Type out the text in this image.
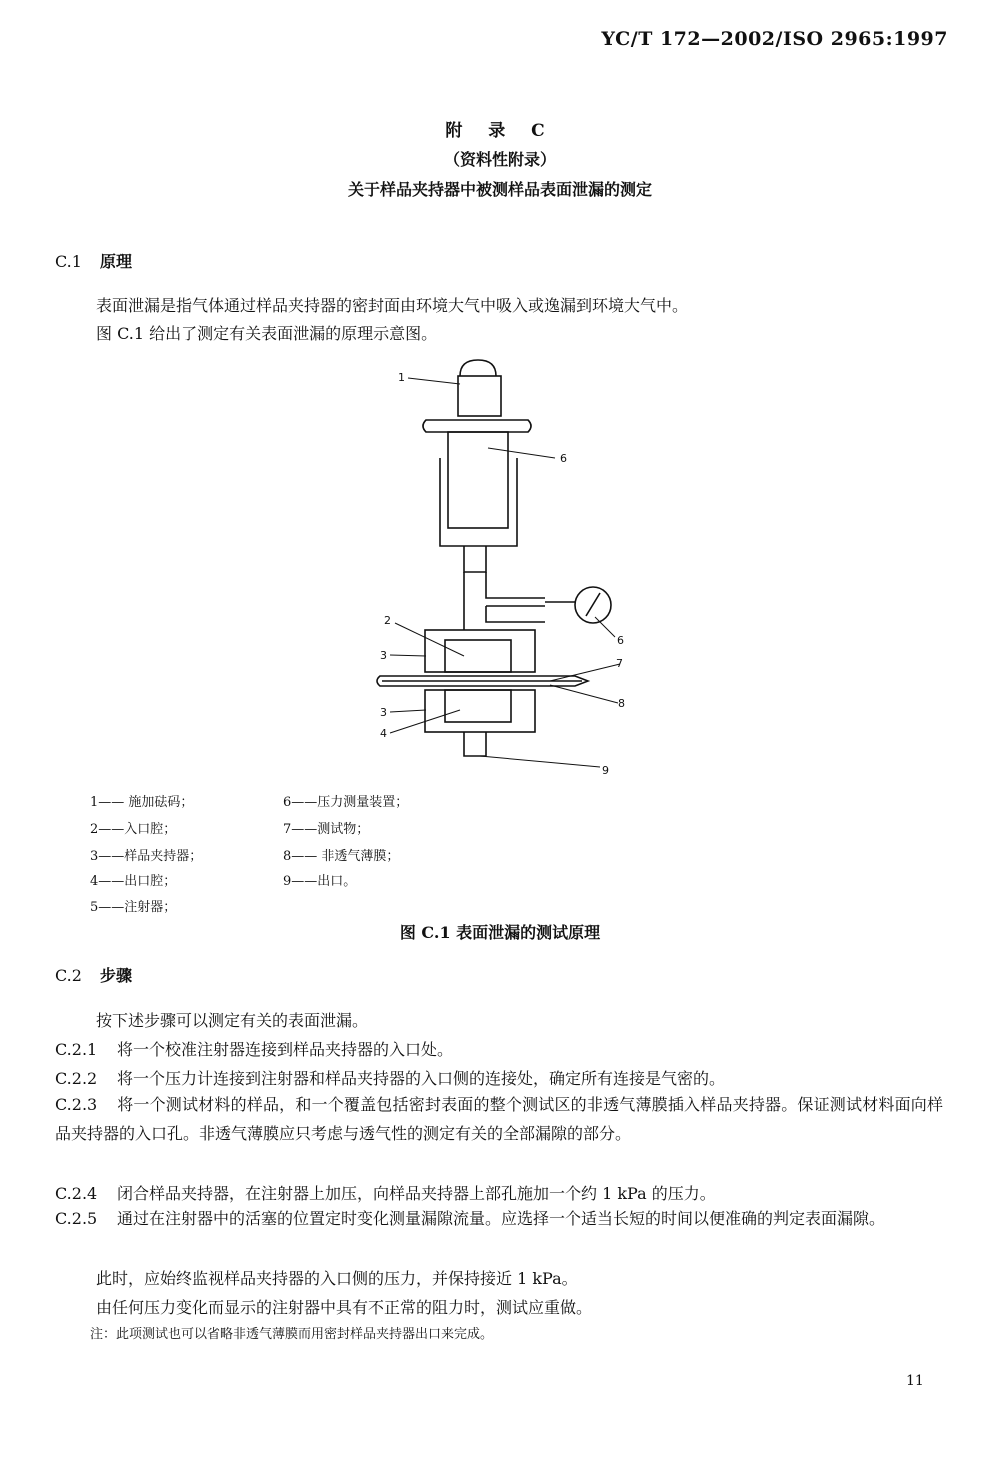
YC/T 172—2002/ISO 2965:1997
附 录 C
（资料性附录）
关于样品夹持器中被测样品表面泄漏的测定
C.1 原理
表面泄漏是指气体通过样品夹持器的密封面由环境大气中吸入或逸漏到环境大气中。
图 C.1 给出了测定有关表面泄漏的原理示意图。
1
6
6
2
3
7
8
3
4
9
1—— 施加砝码；
2——入口腔；
3——样品夹持器；
4——出口腔；
5——注射器；
6——压力测量装置；
7——测试物；
8—— 非透气薄膜；
9——出口。
图 C.1 表面泄漏的测试原理
C.2 步骤
按下述步骤可以测定有关的表面泄漏。
C.2.1 将一个校准注射器连接到样品夹持器的入口处。
C.2.2 将一个压力计连接到注射器和样品夹持器的入口侧的连接处，确定所有连接是气密的。
C.2.3 将一个测试材料的样品，和一个覆盖包括密封表面的整个测试区的非透气薄膜插入样品夹持器。保证测试材料面向样品夹持器的入口孔。非透气薄膜应只考虑与透气性的测定有关的全部漏隙的部分。
C.2.4 闭合样品夹持器，在注射器上加压，向样品夹持器上部孔施加一个约 1 kPa 的压力。
C.2.5 通过在注射器中的活塞的位置定时变化测量漏隙流量。应选择一个适当长短的时间以便准确的判定表面漏隙。
此时，应始终监视样品夹持器的入口侧的压力，并保持接近 1 kPa。
由任何压力变化而显示的注射器中具有不正常的阻力时，测试应重做。
注：此项测试也可以省略非透气薄膜而用密封样品夹持器出口来完成。
11
